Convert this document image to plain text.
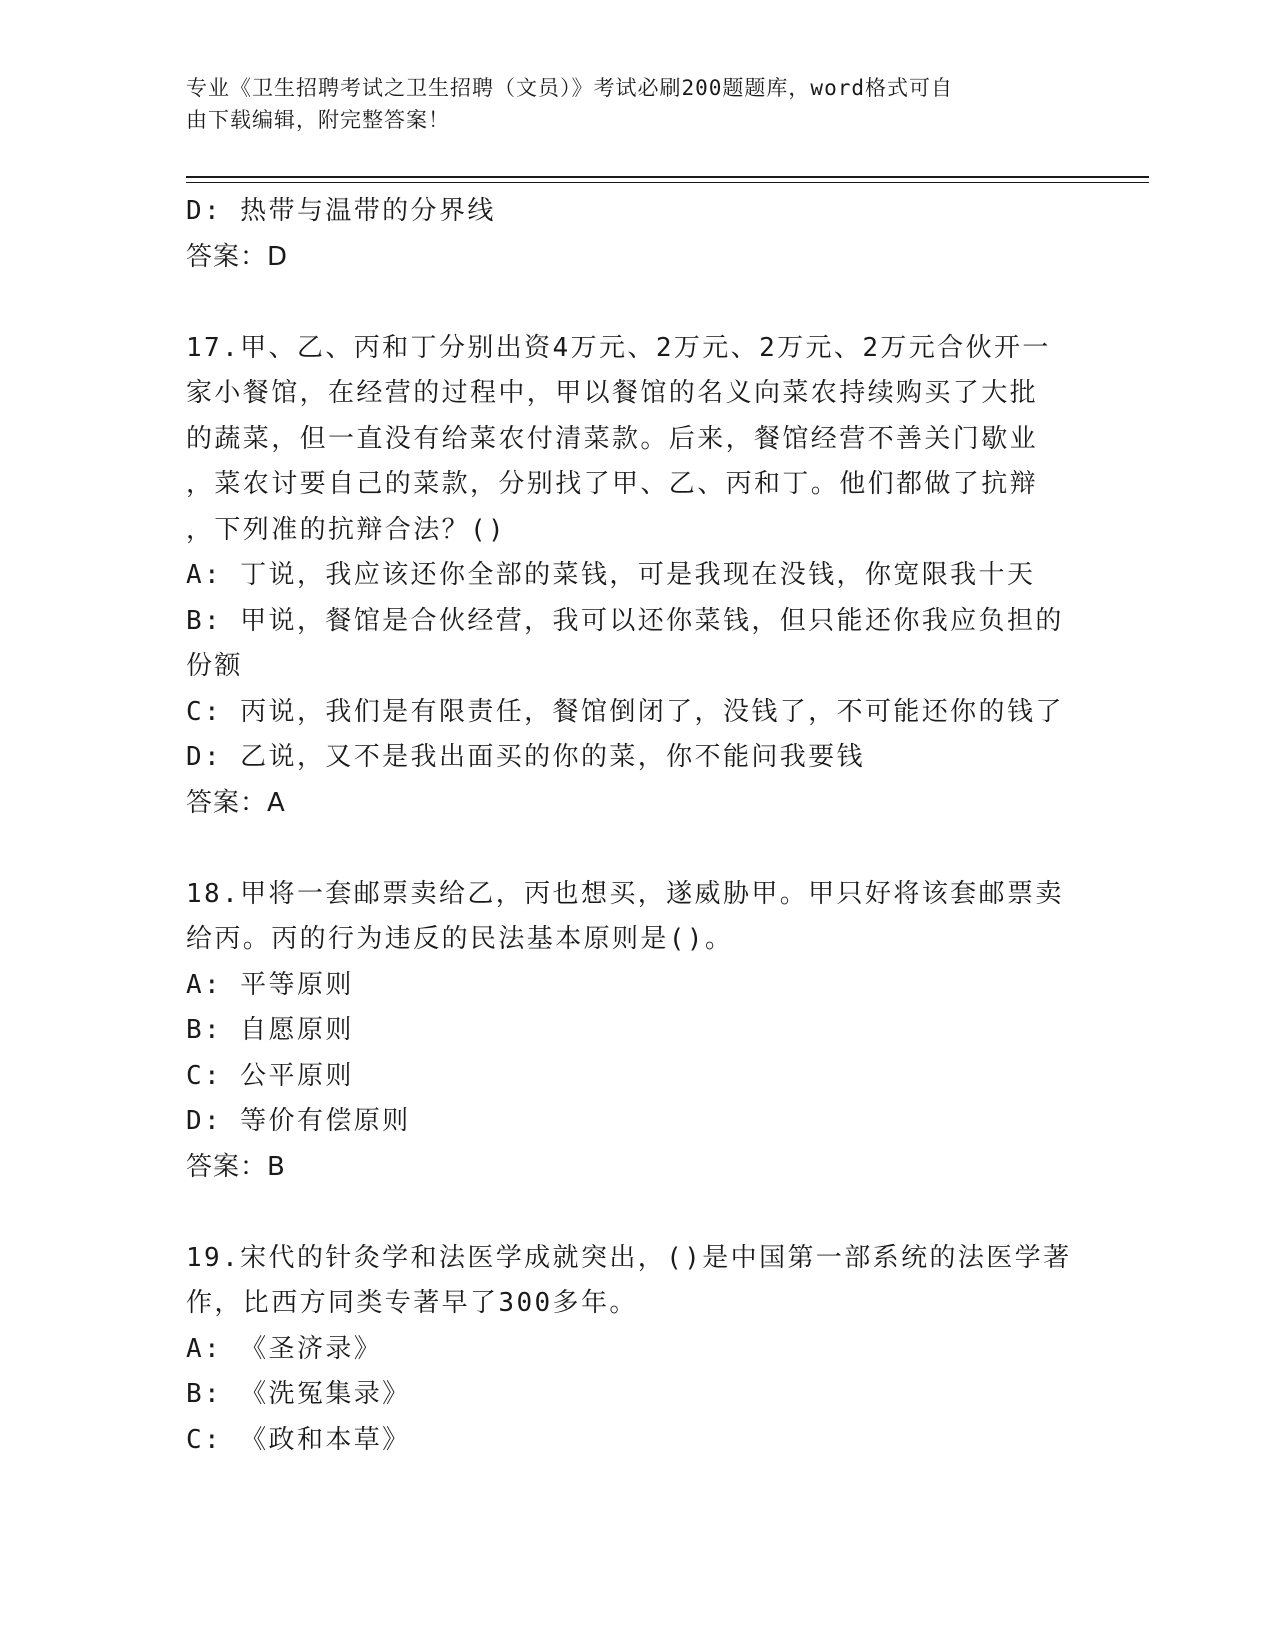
专业《卫生招聘考试之卫生招聘（文员）》考试必刷200题题库，word格式可自
由下载编辑，附完整答案！
D: 热带与温带的分界线
答案：D
17.甲、乙、丙和丁分别出资4万元、2万元、2万元、2万元合伙开一
家小餐馆，在经营的过程中，甲以餐馆的名义向菜农持续购买了大批
的蔬菜，但一直没有给菜农付清菜款。后来，餐馆经营不善关门歇业
，菜农讨要自己的菜款，分别找了甲、乙、丙和丁。他们都做了抗辩
，下列准的抗辩合法？()
A: 丁说，我应该还你全部的菜钱，可是我现在没钱，你宽限我十天
B: 甲说，餐馆是合伙经营，我可以还你菜钱，但只能还你我应负担的
份额
C: 丙说，我们是有限责任，餐馆倒闭了，没钱了，不可能还你的钱了
D: 乙说，又不是我出面买的你的菜，你不能问我要钱
答案：A
18.甲将一套邮票卖给乙，丙也想买，遂威胁甲。甲只好将该套邮票卖
给丙。丙的行为违反的民法基本原则是()。
A: 平等原则
B: 自愿原则
C: 公平原则
D: 等价有偿原则
答案：B
19.宋代的针灸学和法医学成就突出，()是中国第一部系统的法医学著
作，比西方同类专著早了300多年。
A: 《圣济录》
B: 《洗冤集录》
C: 《政和本草》
